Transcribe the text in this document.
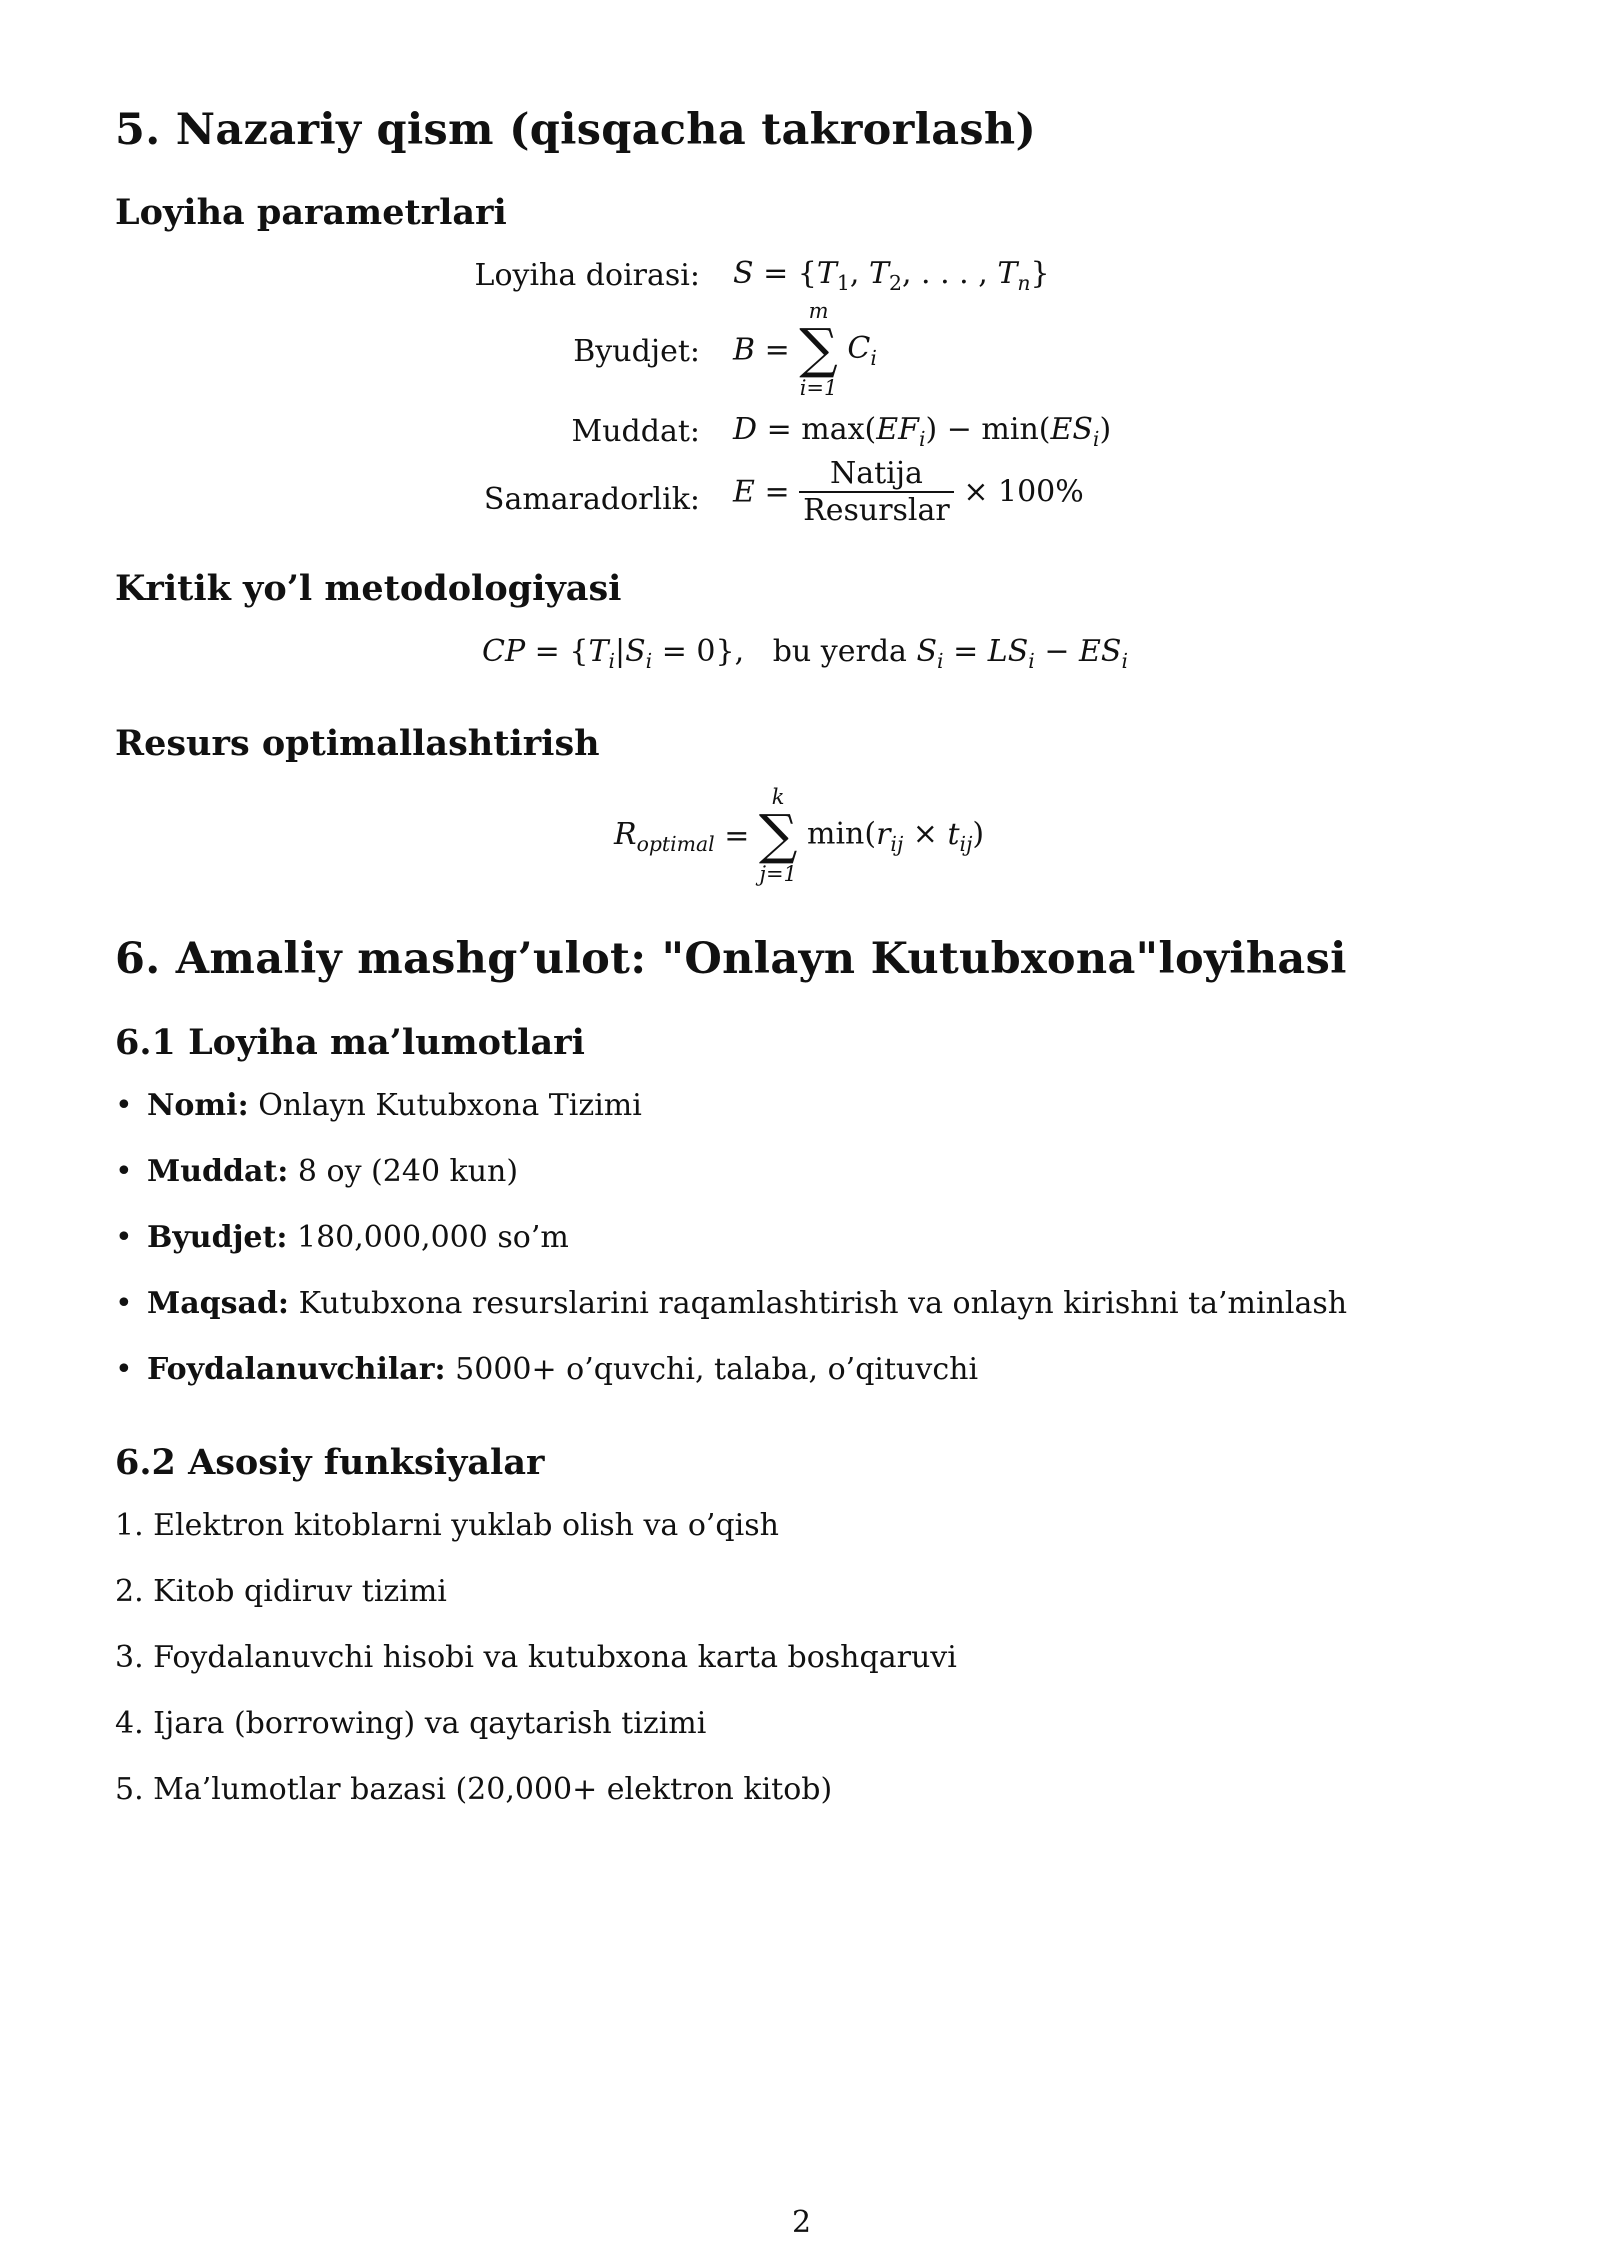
5. Nazariy qism (qisqacha takrorlash)
Loyiha parametrlari
Loyiha doirasi: $S = \{T_1$, $T_2$, . . . , $T_n$}
Byudjet: B =
m
∑
i=1
$C_i$
Muddat: $D = \max(EF_i) - \min(ES_i)$
Samaradorlik: $E = \frac{\text{Natija}}{\text{Resurslar}} \times 100\%$
Kritik yo’l metodologiyasi
CP = $\{T_i|S_i = 0\}$,   bu yerda $S_i = LS_i - ES_i$
Resurs optimallashtirish
$R_{optimal}$ =
k
∑
j=1
$\min(r_{ij} \times t_{ij})$
6. Amaliy mashg’ulot: "Onlayn Kutubxona"loyihasi
6.1 Loyiha ma’lumotlari
• Nomi: Onlayn Kutubxona Tizimi
• Muddat: 8 oy (240 kun)
• Byudjet: 180,000,000 so’m
• Maqsad: Kutubxona resurslarini raqamlashtirish va onlayn kirishni ta’minlash
• Foydalanuvchilar: 5000+ o’quvchi, talaba, o’qituvchi
6.2 Asosiy funksiyalar
1. Elektron kitoblarni yuklab olish va o’qish
2. Kitob qidiruv tizimi
3. Foydalanuvchi hisobi va kutubxona karta boshqaruvi
4. Ijara (borrowing) va qaytarish tizimi
5. Ma’lumotlar bazasi (20,000+ elektron kitob)
2
